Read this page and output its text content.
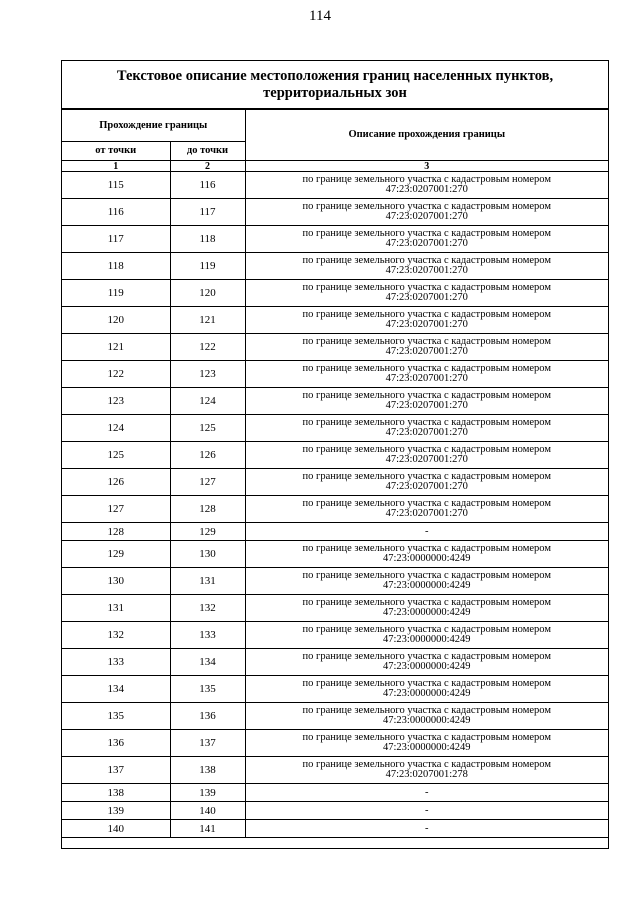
114
Текстовое описание местоположения границ населенных пунктов, территориальных зон
Прохождение границы		Описание прохождения границы
от точки	до точки	
1	2	3
115	116	по границе земельного участка с кадастровым номером
47:23:0207001:270

116	117	по границе земельного участка с кадастровым номером
47:23:0207001:270

117	118	по границе земельного участка с кадастровым номером
47:23:0207001:270

118	119	по границе земельного участка с кадастровым номером
47:23:0207001:270

119	120	по границе земельного участка с кадастровым номером
47:23:0207001:270

120	121	по границе земельного участка с кадастровым номером
47:23:0207001:270

121	122	по границе земельного участка с кадастровым номером
47:23:0207001:270

122	123	по границе земельного участка с кадастровым номером
47:23:0207001:270

123	124	по границе земельного участка с кадастровым номером
47:23:0207001:270

124	125	по границе земельного участка с кадастровым номером
47:23:0207001:270

125	126	по границе земельного участка с кадастровым номером
47:23:0207001:270

126	127	по границе земельного участка с кадастровым номером
47:23:0207001:270

127	128	по границе земельного участка с кадастровым номером
47:23:0207001:270

128	129	-

129	130	по границе земельного участка с кадастровым номером
47:23:0000000:4249

130	131	по границе земельного участка с кадастровым номером
47:23:0000000:4249

131	132	по границе земельного участка с кадастровым номером
47:23:0000000:4249

132	133	по границе земельного участка с кадастровым номером
47:23:0000000:4249

133	134	по границе земельного участка с кадастровым номером
47:23:0000000:4249

134	135	по границе земельного участка с кадастровым номером
47:23:0000000:4249

135	136	по границе земельного участка с кадастровым номером
47:23:0000000:4249

136	137	по границе земельного участка с кадастровым номером
47:23:0000000:4249

137	138	по границе земельного участка с кадастровым номером
47:23:0207001:278

138	139	-

139	140	-

140	141	-
